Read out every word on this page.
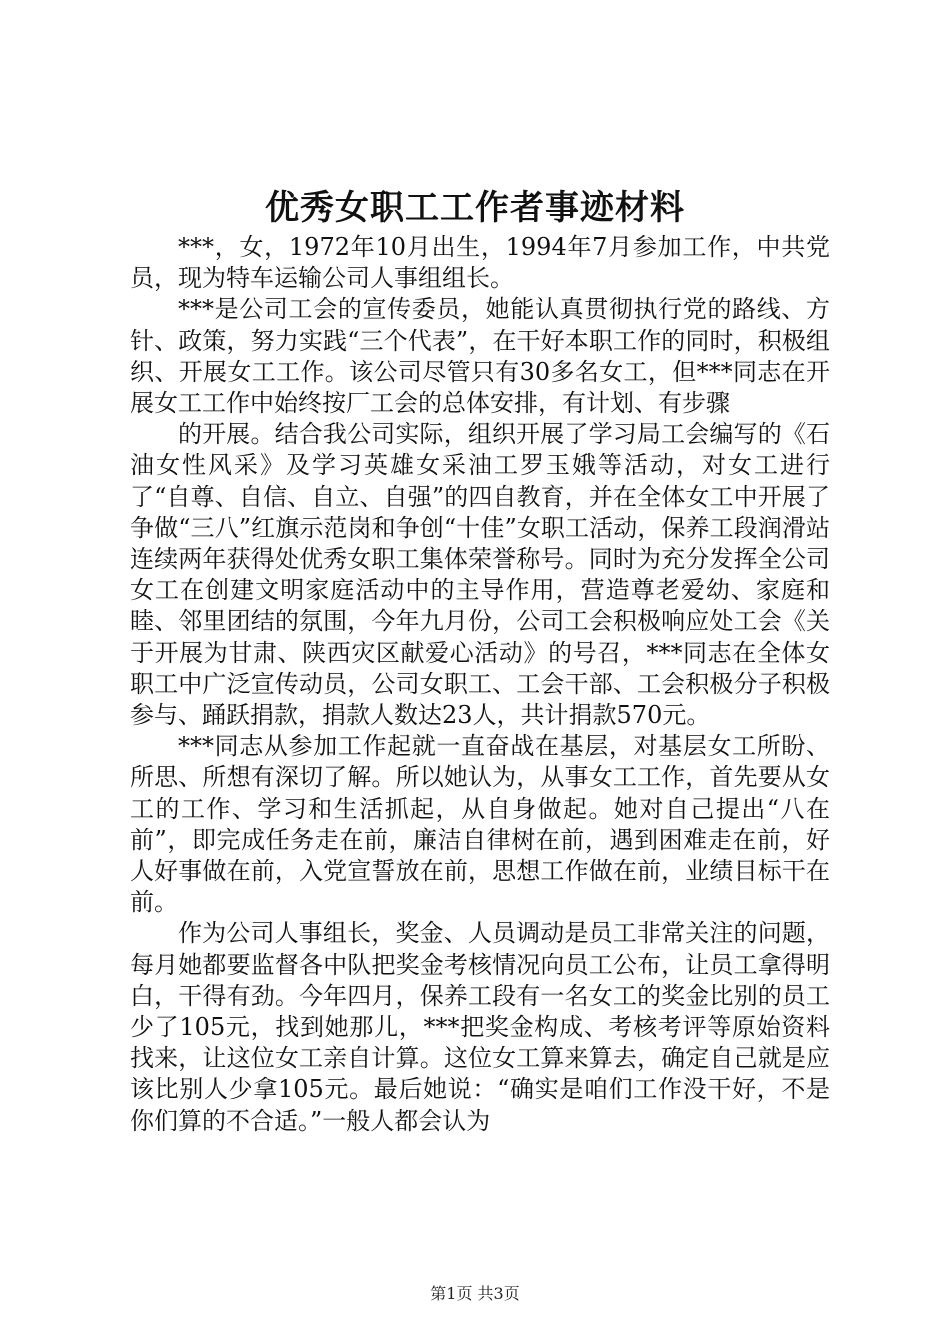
优秀女职工工作者事迹材料

***，女，1972年10月出生，1994年7月参加工作，中共党员，现为特车运输公司人事组组长。

***是公司工会的宣传委员，她能认真贯彻执行党的路线、方针、政策，努力实践“三个代表”，在干好本职工作的同时，积极组织、开展女工工作。该公司尽管只有30多名女工，但***同志在开展女工工作中始终按厂工会的总体安排，有计划、有步骤

的开展。结合我公司实际，组织开展了学习局工会编写的《石油女性风采》及学习英雄女采油工罗玉娥等活动，对女工进行了“自尊、自信、自立、自强”的四自教育，并在全体女工中开展了争做“三八”红旗示范岗和争创“十佳”女职工活动，保养工段润滑站连续两年获得处优秀女职工集体荣誉称号。同时为充分发挥全公司女工在创建文明家庭活动中的主导作用，营造尊老爱幼、家庭和睦、邻里团结的氛围，今年九月份，公司工会积极响应处工会《关于开展为甘肃、陕西灾区献爱心活动》的号召，***同志在全体女职工中广泛宣传动员，公司女职工、工会干部、工会积极分子积极参与、踊跃捐款，捐款人数达23人，共计捐款570元。

***同志从参加工作起就一直奋战在基层，对基层女工所盼、所思、所想有深切了解。所以她认为，从事女工工作，首先要从女工的工作、学习和生活抓起，从自身做起。她对自己提出“八在前”，即完成任务走在前，廉洁自律树在前，遇到困难走在前，好人好事做在前，入党宣誓放在前，思想工作做在前，业绩目标干在前。

作为公司人事组长，奖金、人员调动是员工非常关注的问题，每月她都要监督各中队把奖金考核情况向员工公布，让员工拿得明白，干得有劲。今年四月，保养工段有一名女工的奖金比别的员工少了105元，找到她那儿，***把奖金构成、考核考评等原始资料找来，让这位女工亲自计算。这位女工算来算去，确定自己就是应该比别人少拿105元。最后她说：“确实是咱们工作没干好，不是你们算的不合适。”一般人都会认为

第1页 共3页
